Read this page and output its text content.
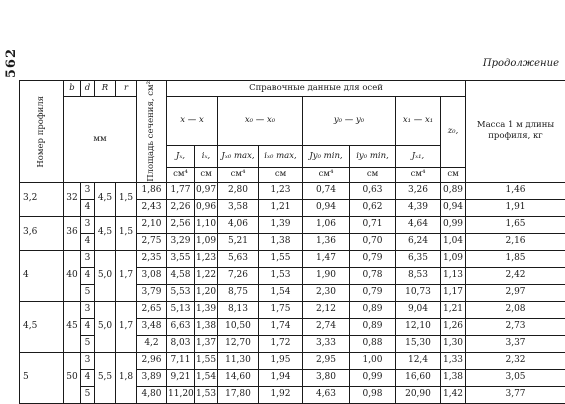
562	Продолжение
Номер профиля	b	d	R	r	Площадь сечения, см²	Справочные данные для осей								Масса 1 м длины профиля, кг
	мм					x — x		x₀ — x₀		y₀ — y₀		x₁ — x₁	z₀,	
						Jₓ,	iₓ,	Jₓ₀ max,	iₓ₀ max,	Jy₀ min,	iy₀ min,	Jₓ₁,		
						см⁴	см	см⁴	см	см⁴	см	см⁴	см	
3,2	32	3	4,5	1,5	1,86	1,77	0,97	2,80	1,23	0,74	0,63	3,26	0,89	1,46
		4			2,43	2,26	0,96	3,58	1,21	0,94	0,62	4,39	0,94	1,91
3,6	36	3	4,5	1,5	2,10	2,56	1,10	4,06	1,39	1,06	0,71	4,64	0,99	1,65
		4			2,75	3,29	1,09	5,21	1,38	1,36	0,70	6,24	1,04	2,16
4	40	3	5,0	1,7	2,35	3,55	1,23	5,63	1,55	1,47	0,79	6,35	1,09	1,85
		4			3,08	4,58	1,22	7,26	1,53	1,90	0,78	8,53	1,13	2,42
		5			3,79	5,53	1,20	8,75	1,54	2,30	0,79	10,73	1,17	2,97
4,5	45	3	5,0	1,7	2,65	5,13	1,39	8,13	1,75	2,12	0,89	9,04	1,21	2,08
		4			3,48	6,63	1,38	10,50	1,74	2,74	0,89	12,10	1,26	2,73
		5			4,2	8,03	1,37	12,70	1,72	3,33	0,88	15,30	1,30	3,37
5	50	3	5,5	1,8	2,96	7,11	1,55	11,30	1,95	2,95	1,00	12,4	1,33	2,32
		4			3,89	9,21	1,54	14,60	1,94	3,80	0,99	16,60	1,38	3,05
		5			4,80	11,20	1,53	17,80	1,92	4,63	0,98	20,90	1,42	3,77
